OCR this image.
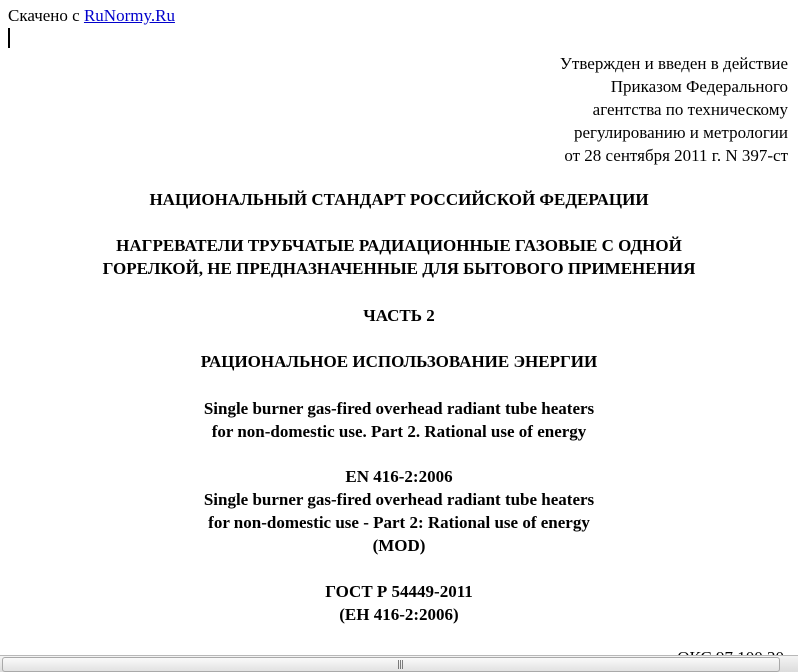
Скачено с RuNormy.Ru
Утвержден и введен в действие
Приказом Федерального
агентства по техническому
регулированию и метрологии
от 28 сентября 2011 г. N 397-ст
НАЦИОНАЛЬНЫЙ СТАНДАРТ РОССИЙСКОЙ ФЕДЕРАЦИИ
НАГРЕВАТЕЛИ ТРУБЧАТЫЕ РАДИАЦИОННЫЕ ГАЗОВЫЕ С ОДНОЙ
ГОРЕЛКОЙ, НЕ ПРЕДНАЗНАЧЕННЫЕ ДЛЯ БЫТОВОГО ПРИМЕНЕНИЯ
ЧАСТЬ 2
РАЦИОНАЛЬНОЕ ИСПОЛЬЗОВАНИЕ ЭНЕРГИИ
Single burner gas-fired overhead radiant tube heaters
for non-domestic use. Part 2. Rational use of energy
EN 416-2:2006
Single burner gas-fired overhead radiant tube heaters
for non-domestic use - Part 2: Rational use of energy
(MOD)
ГОСТ Р 54449-2011
(ЕН 416-2:2006)
|||
